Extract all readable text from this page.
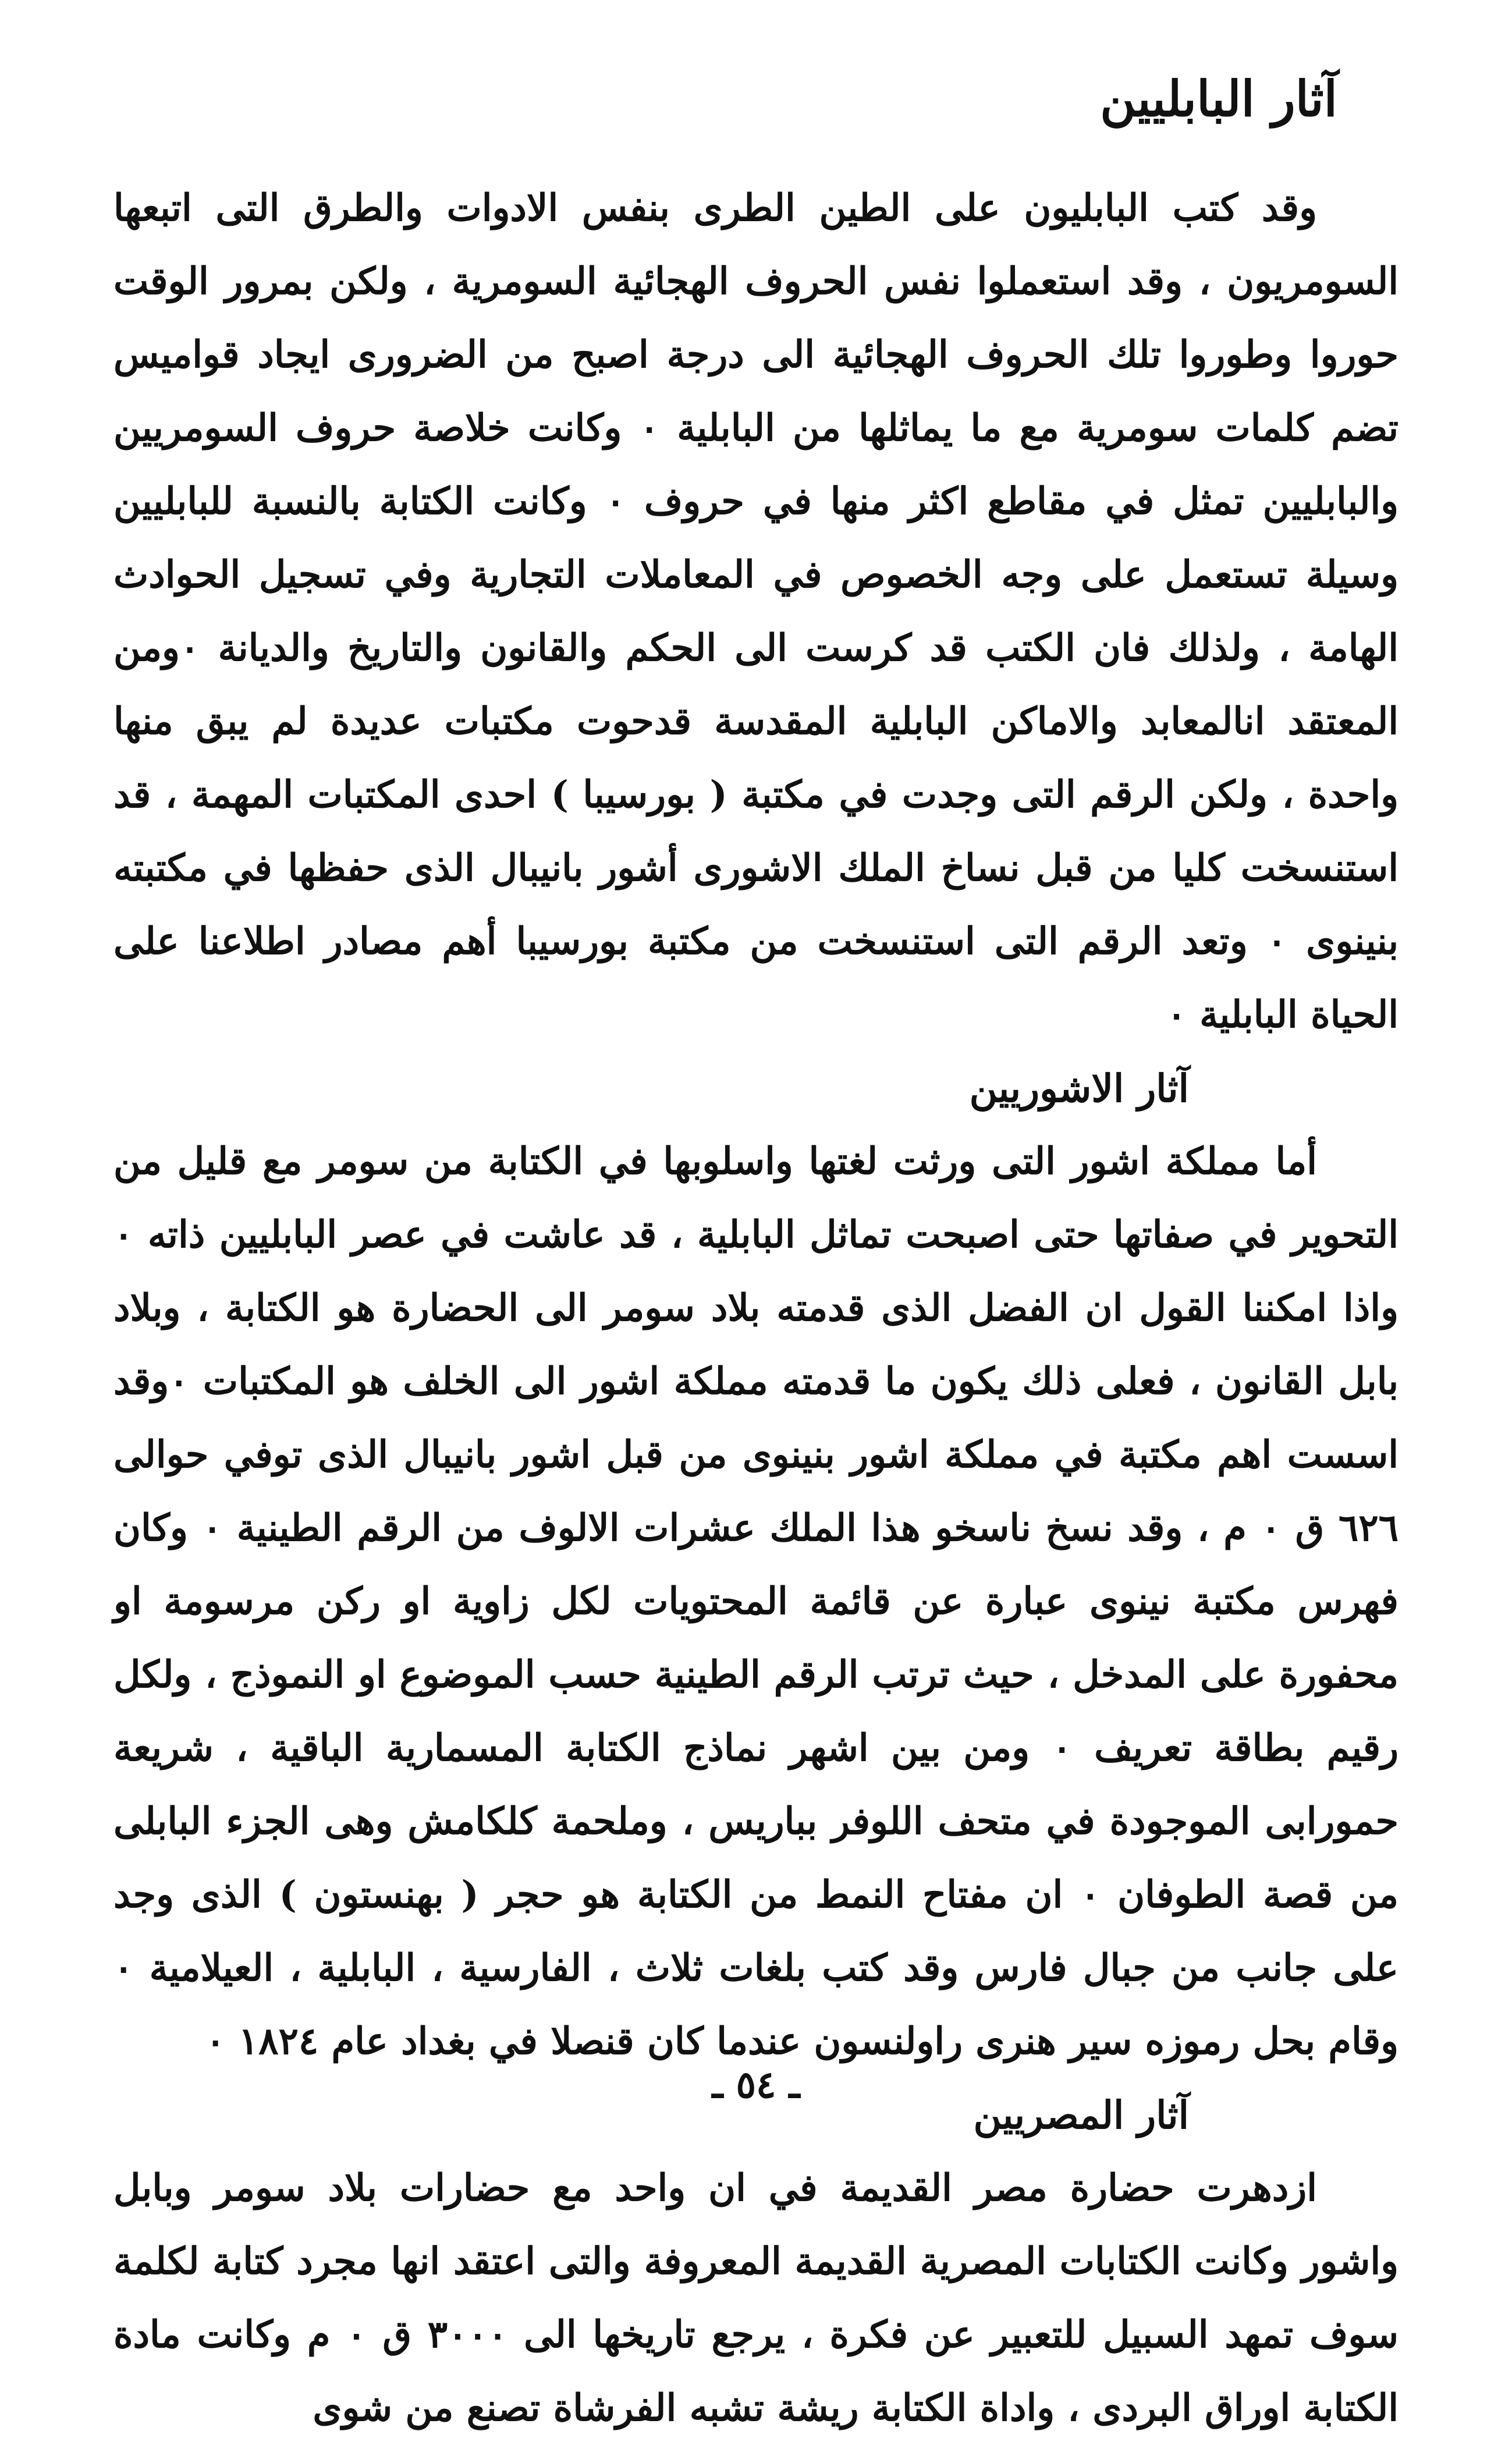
آثار البابليين

وقد كتب البابليون على الطين الطرى بنفس الادوات والطرق التى اتبعها السومريون ، وقد استعملوا نفس الحروف الهجائية السومرية ، ولكن بمرور الوقت حوروا وطوروا تلك الحروف الهجائية الى درجة اصبح من الضرورى ايجاد قواميس تضم كلمات سومرية مع ما يماثلها من البابلية ٠ وكانت خلاصة حروف السومريين والبابليين تمثل في مقاطع اكثر منها في حروف ٠ وكانت الكتابة بالنسبة للبابليين وسيلة تستعمل على وجه الخصوص في المعاملات التجارية وفي تسجيل الحوادث الهامة ، ولذلك فان الكتب قد كرست الى الحكم والقانون والتاريخ والديانة ٠ومن المعتقد انالمعابد والاماكن البابلية المقدسة قدحوت مكتبات عديدة لم يبق منها واحدة ، ولكن الرقم التى وجدت في مكتبة ( بورسيبا ) احدى المكتبات المهمة ، قد استنسخت كليا من قبل نساخ الملك الاشورى أشور بانيبال الذى حفظها في مكتبته بنينوى ٠ وتعد الرقم التى استنسخت من مكتبة بورسيبا أهم مصادر اطلاعنا على الحياة البابلية ٠

آثار الاشوريين

أما مملكة اشور التى ورثت لغتها واسلوبها في الكتابة من سومر مع قليل من التحوير في صفاتها حتى اصبحت تماثل البابلية ، قد عاشت في عصر البابليين ذاته ٠ واذا امكننا القول ان الفضل الذى قدمته بلاد سومر الى الحضارة هو الكتابة ، وبلاد بابل القانون ، فعلى ذلك يكون ما قدمته مملكة اشور الى الخلف هو المكتبات ٠وقد اسست اهم مكتبة في مملكة اشور بنينوى من قبل اشور بانيبال الذى توفي حوالى ٦٢٦ ق ٠ م ، وقد نسخ ناسخو هذا الملك عشرات الالوف من الرقم الطينية ٠ وكان فهرس مكتبة نينوى عبارة عن قائمة المحتويات لكل زاوية او ركن مرسومة او محفورة على المدخل ، حيث ترتب الرقم الطينية حسب الموضوع او النموذج ، ولكل رقيم بطاقة تعريف ٠ ومن بين اشهر نماذج الكتابة المسمارية الباقية ، شريعة حمورابى الموجودة في متحف اللوفر بباريس ، وملحمة كلكامش وهى الجزء البابلى من قصة الطوفان ٠ ان مفتاح النمط من الكتابة هو حجر ( بهنستون ) الذى وجد على جانب من جبال فارس وقد كتب بلغات ثلاث ، الفارسية ، البابلية ، العيلامية ٠ وقام بحل رموزه سير هنرى راولنسون عندما كان قنصلا في بغداد عام ١٨٢٤ ٠

آثار المصريين

ازدهرت حضارة مصر القديمة في ان واحد مع حضارات بلاد سومر وبابل واشور وكانت الكتابات المصرية القديمة المعروفة والتى اعتقد انها مجرد كتابة لكلمة سوف تمهد السبيل للتعبير عن فكرة ، يرجع تاريخها الى ٣٠٠٠ ق ٠ م وكانت مادة الكتابة اوراق البردى ، واداة الكتابة ريشة تشبه الفرشاة تصنع من شوى

ـ ٥٤ ـ
